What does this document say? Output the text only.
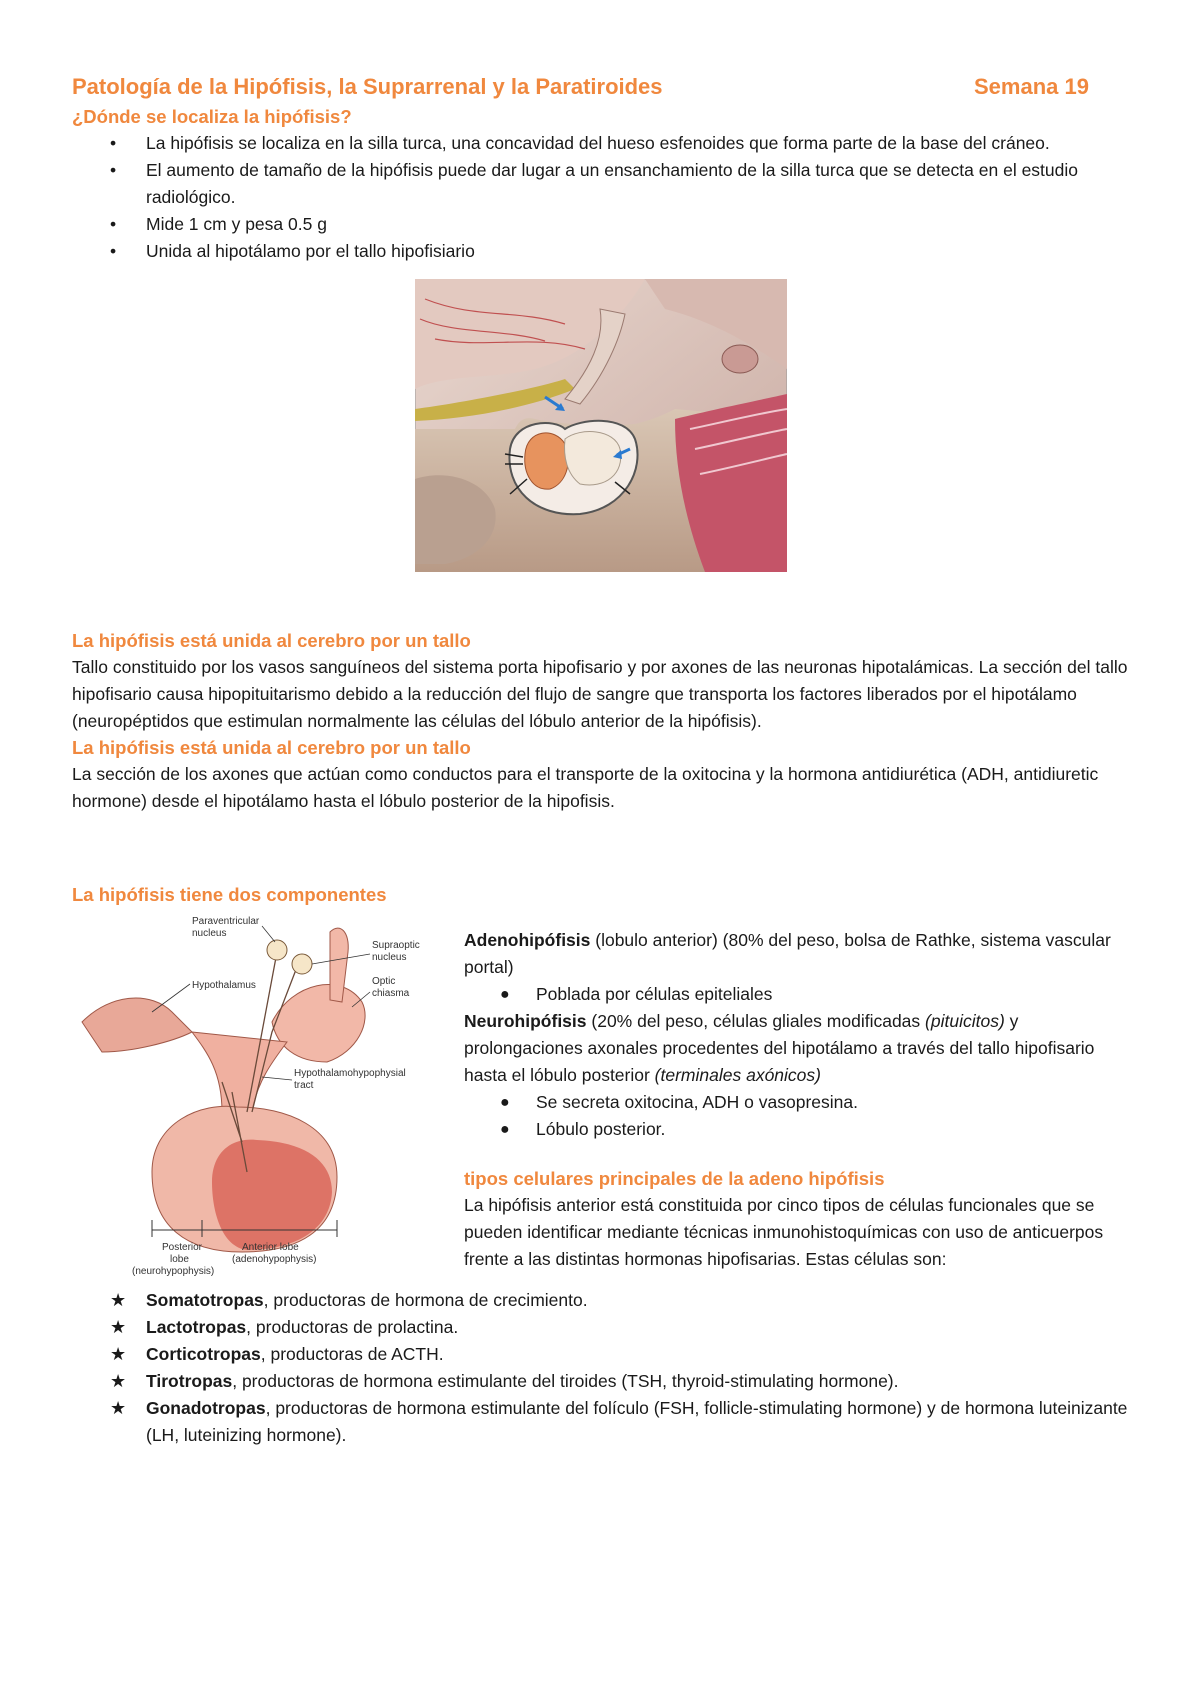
Patología de la Hipófisis, la Suprarrenal y la Paratiroides	Semana 19
¿Dónde se localiza la hipófisis?
• La hipófisis se localiza en la silla turca, una concavidad del hueso esfenoides que forma parte de la base del cráneo.
• El aumento de tamaño de la hipófisis puede dar lugar a un ensanchamiento de la silla turca que se detecta en el estudio radiológico.
• Mide 1 cm y pesa 0.5 g
• Unida al hipotálamo por el tallo hipofisiario
La hipófisis está unida al cerebro por un tallo

Tallo constituido por los vasos sanguíneos del sistema porta hipofisario y por axones de las neuronas hipotalámicas. La sección del tallo hipofisario causa hipopituitarismo debido a la reducción del flujo de sangre que transporta los factores liberados por el hipotálamo (neuropéptidos que estimulan normalmente las células del lóbulo anterior de la hipófisis).

La hipófisis está unida al cerebro por un tallo

La sección de los axones que actúan como conductos para el transporte de la oxitocina y la hormona antidiurética (ADH, antidiuretic hormone) desde el hipotálamo hasta el lóbulo posterior de la hipofisis.

La hipófisis tiene dos componentes
Paraventricular
nucleus
Supraoptic
nucleus
Optic
chiasma
Hypothalamus
Hypothalamohypophysial
tract
Posterior
lobe
(neurohypophysis)
Anterior lobe
(adenohypophysis)

Adenohipófisis (lobulo anterior) (80% del peso, bolsa de Rathke, sistema vascular portal)

● Poblada por células epiteliales

Neurohipófisis (20% del peso, células gliales modificadas (pituicitos) y prolongaciones axonales procedentes del hipotálamo a través del tallo hipofisario hasta el lóbulo posterior (terminales axónicos)

● Se secreta oxitocina, ADH o vasopresina.
● Lóbulo posterior.
tipos celulares principales de la adeno hipófisis

La hipófisis anterior está constituida por cinco tipos de células funcionales que se pueden identificar mediante técnicas inmunohistoquímicas con uso de anticuerpos frente a las distintas hormonas hipofisarias. Estas células son:

★ Somatotropas, productoras de hormona de crecimiento.
★ Lactotropas, productoras de prolactina.
★ Corticotropas, productoras de ACTH.
★ Tirotropas, productoras de hormona estimulante del tiroides (TSH, thyroid-stimulating hormone).
★ Gonadotropas, productoras de hormona estimulante del folículo (FSH, follicle-stimulating hormone) y de hormona luteinizante (LH, luteinizing hormone).
